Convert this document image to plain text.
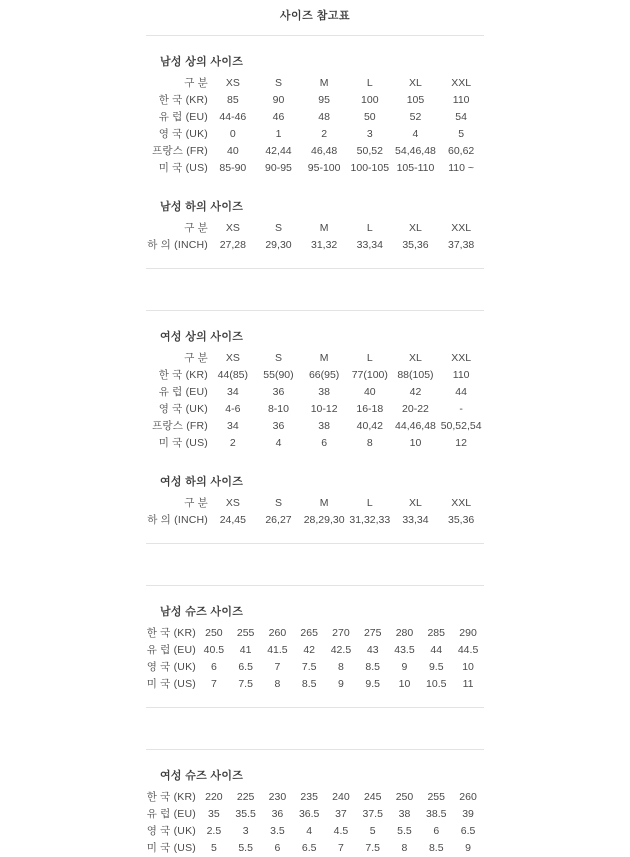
사이즈 참고표
남성 상의 사이즈
구 분	XS	S	M	L	XL	XXL
한 국 (KR)	85	90	95	100	105	110
유 럽 (EU)	44-46	46	48	50	52	54
영 국 (UK)	0	1	2	3	4	5
프랑스 (FR)	40	42,44	46,48	50,52	54,46,48	60,62
미 국 (US)	85-90	90-95	95-100	100-105	105-110	110 ~
남성 하의 사이즈
구 분	XS	S	M	L	XL	XXL
하 의 (INCH)	27,28	29,30	31,32	33,34	35,36	37,38
여성 상의 사이즈
구 분	XS	S	M	L	XL	XXL
한 국 (KR)	44(85)	55(90)	66(95)	77(100)	88(105)	110
유 럽 (EU)	34	36	38	40	42	44
영 국 (UK)	4-6	8-10	10-12	16-18	20-22	-
프랑스 (FR)	34	36	38	40,42	44,46,48	50,52,54
미 국 (US)	2	4	6	8	10	12
여성 하의 사이즈
구 분	XS	S	M	L	XL	XXL
하 의 (INCH)	24,45	26,27	28,29,30	31,32,33	33,34	35,36
남성 슈즈 사이즈
한 국 (KR)	250	255	260	265	270	275	280	285	290
유 럽 (EU)	40.5	41	41.5	42	42.5	43	43.5	44	44.5
영 국 (UK)	6	6.5	7	7.5	8	8.5	9	9.5	10
미 국 (US)	7	7.5	8	8.5	9	9.5	10	10.5	11
여성 슈즈 사이즈
한 국 (KR)	220	225	230	235	240	245	250	255	260
유 럽 (EU)	35	35.5	36	36.5	37	37.5	38	38.5	39
영 국 (UK)	2.5	3	3.5	4	4.5	5	5.5	6	6.5
미 국 (US)	5	5.5	6	6.5	7	7.5	8	8.5	9
